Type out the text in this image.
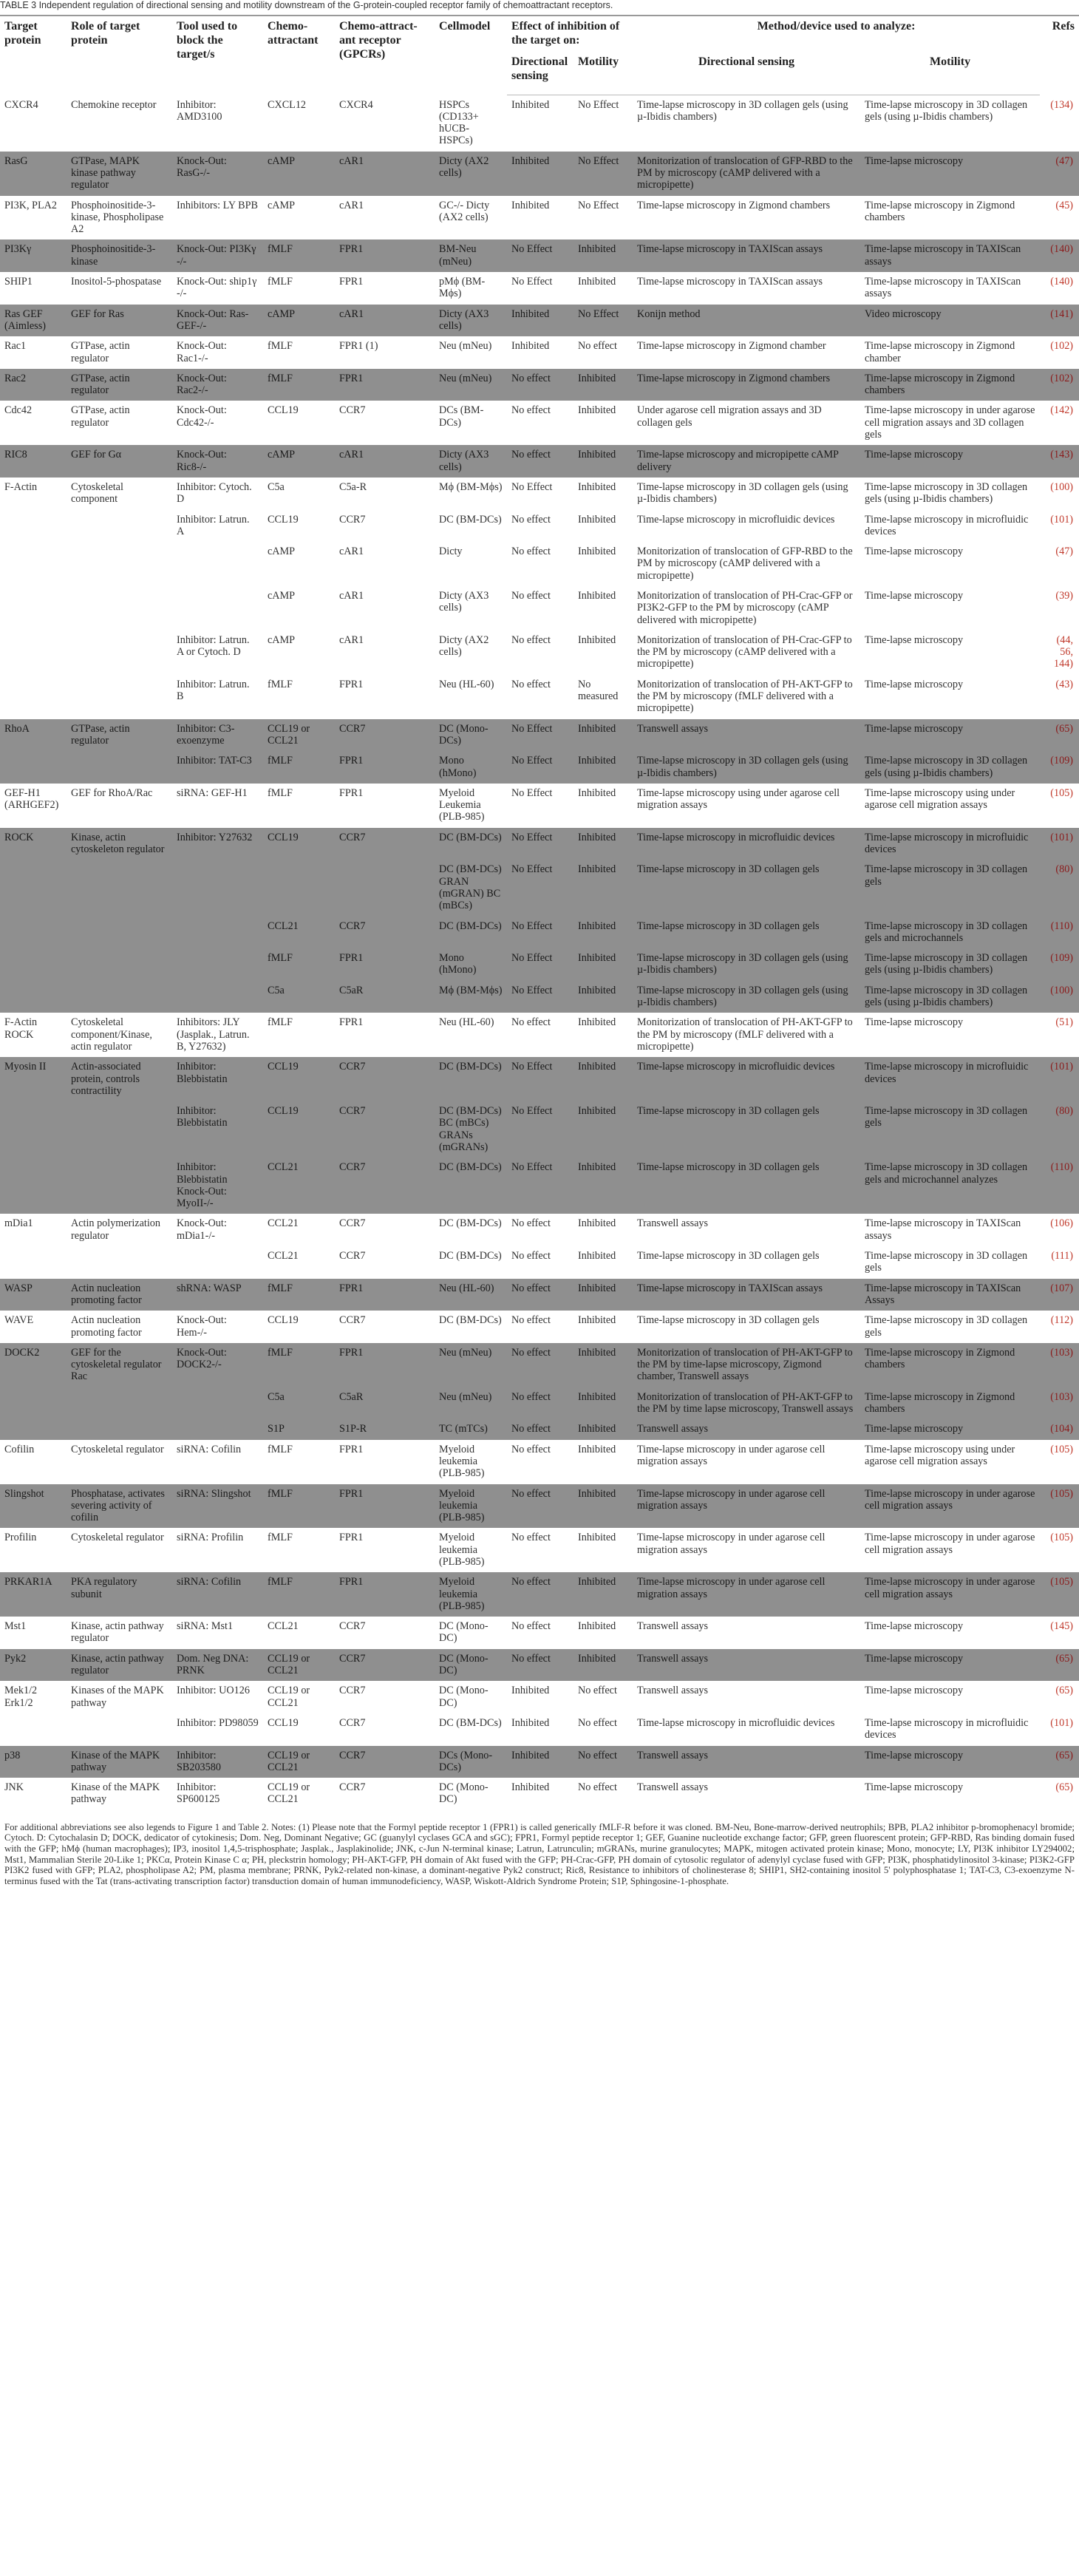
TABLE 3 Independent regulation of directional sensing and motility downstream of the G-protein-coupled receptor family of chemoattractant receptors.
Target protein	Role of target protein	Tool used to block the target/s	Chemo-attractant	Chemo-attract-ant receptor (GPCRs)	Cellmodel	Effect of inhibition of the target on:		Method/device used to analyze:		Refs
						Directional sensing	Motility	Directional sensing	Motility	
CXCR4	Chemokine receptor	Inhibitor: AMD3100	CXCL12	CXCR4	HSPCs (CD133+ hUCB-HSPCs)	Inhibited	No Effect	Time-lapse microscopy in 3D collagen gels (using µ-Ibidis chambers)	Time-lapse microscopy in 3D collagen gels (using µ-Ibidis chambers)	(134)
RasG	GTPase, MAPK kinase pathway regulator	Knock-Out: RasG-/-	cAMP	cAR1	Dicty (AX2 cells)	Inhibited	No Effect	Monitorization of translocation of GFP-RBD to the PM by microscopy (cAMP delivered with a micropipette)	Time-lapse microscopy	(47)
PI3K, PLA2	Phosphoinositide-3-kinase, Phospholipase A2	Inhibitors: LY BPB	cAMP	cAR1	GC-/- Dicty (AX2 cells)	Inhibited	No Effect	Time-lapse microscopy in Zigmond chambers	Time-lapse microscopy in Zigmond chambers	(45)
PI3Kγ	Phosphoinositide-3-kinase	Knock-Out: PI3Kγ -/-	fMLF	FPR1	BM-Neu (mNeu)	No Effect	Inhibited	Time-lapse microscopy in TAXIScan assays	Time-lapse microscopy in TAXIScan assays	(140)
SHIP1	Inositol-5-phospatase	Knock-Out: ship1γ -/-	fMLF	FPR1	pMϕ (BM-Mϕs)	No Effect	Inhibited	Time-lapse microscopy in TAXIScan assays	Time-lapse microscopy in TAXIScan assays	(140)
Ras GEF (Aimless)	GEF for Ras	Knock-Out: Ras-GEF-/-	cAMP	cAR1	Dicty (AX3 cells)	Inhibited	No Effect	Konijn method	Video microscopy	(141)
Rac1	GTPase, actin regulator	Knock-Out: Rac1-/-	fMLF	FPR1 (1)	Neu (mNeu)	Inhibited	No effect	Time-lapse microscopy in Zigmond chamber	Time-lapse microscopy in Zigmond chamber	(102)
Rac2	GTPase, actin regulator	Knock-Out: Rac2-/-	fMLF	FPR1	Neu (mNeu)	No effect	Inhibited	Time-lapse microscopy in Zigmond chambers	Time-lapse microscopy in Zigmond chambers	(102)
Cdc42	GTPase, actin regulator	Knock-Out: Cdc42-/-	CCL19	CCR7	DCs (BM-DCs)	No effect	Inhibited	Under agarose cell migration assays and 3D collagen gels	Time-lapse microscopy in under agarose cell migration assays and 3D collagen gels	(142)
RIC8	GEF for Gα	Knock-Out: Ric8-/-	cAMP	cAR1	Dicty (AX3 cells)	No effect	Inhibited	Time-lapse microscopy and micropipette cAMP delivery	Time-lapse microscopy	(143)
F-Actin	Cytoskeletal component	Inhibitor: Cytoch. D	C5a	C5a-R	Mϕ (BM-Mϕs)	No Effect	Inhibited	Time-lapse microscopy in 3D collagen gels (using µ-Ibidis chambers)	Time-lapse microscopy in 3D collagen gels (using µ-Ibidis chambers)	(100)
		Inhibitor: Latrun. A	CCL19	CCR7	DC (BM-DCs)	No effect	Inhibited	Time-lapse microscopy in microfluidic devices	Time-lapse microscopy in microfluidic devices	(101)
			cAMP	cAR1	Dicty	No effect	Inhibited	Monitorization of translocation of GFP-RBD to the PM by microscopy (cAMP delivered with a micropipette)	Time-lapse microscopy	(47)
			cAMP	cAR1	Dicty (AX3 cells)	No effect	Inhibited	Monitorization of translocation of PH-Crac-GFP or PI3K2-GFP to the PM by microscopy (cAMP delivered with micropipette)	Time-lapse microscopy	(39)
		Inhibitor: Latrun. A or Cytoch. D	cAMP	cAR1	Dicty (AX2 cells)	No effect	Inhibited	Monitorization of translocation of PH-Crac-GFP to the PM by microscopy (cAMP delivered with a micropipette)	Time-lapse microscopy	(44, 56, 144)
		Inhibitor: Latrun. B	fMLF	FPR1	Neu (HL-60)	No effect	No measured	Monitorization of translocation of PH-AKT-GFP to the PM by microscopy (fMLF delivered with a micropipette)	Time-lapse microscopy	(43)
RhoA	GTPase, actin regulator	Inhibitor: C3-exoenzyme	CCL19 or CCL21	CCR7	DC (Mono-DCs)	No Effect	Inhibited	Transwell assays	Time-lapse microscopy	(65)
		Inhibitor: TAT-C3	fMLF	FPR1	Mono (hMono)	No Effect	Inhibited	Time-lapse microscopy in 3D collagen gels (using µ-Ibidis chambers)	Time-lapse microscopy in 3D collagen gels (using µ-Ibidis chambers)	(109)
GEF-H1 (ARHGEF2)	GEF for RhoA/Rac	siRNA: GEF-H1	fMLF	FPR1	Myeloid Leukemia (PLB-985)	No Effect	Inhibited	Time-lapse microscopy using under agarose cell migration assays	Time-lapse microscopy using under agarose cell migration assays	(105)
ROCK	Kinase, actin cytoskeleton regulator	Inhibitor: Y27632	CCL19	CCR7	DC (BM-DCs)	No Effect	Inhibited	Time-lapse microscopy in microfluidic devices	Time-lapse microscopy in microfluidic devices	(101)
					DC (BM-DCs) GRAN (mGRAN) BC (mBCs)	No Effect	Inhibited	Time-lapse microscopy in 3D collagen gels	Time-lapse microscopy in 3D collagen gels	(80)
			CCL21	CCR7	DC (BM-DCs)	No Effect	Inhibited	Time-lapse microscopy in 3D collagen gels	Time-lapse microscopy in 3D collagen gels and microchannels	(110)
			fMLF	FPR1	Mono (hMono)	No Effect	Inhibited	Time-lapse microscopy in 3D collagen gels (using µ-Ibidis chambers)	Time-lapse microscopy in 3D collagen gels (using µ-Ibidis chambers)	(109)
			C5a	C5aR	Mϕ (BM-Mϕs)	No Effect	Inhibited	Time-lapse microscopy in 3D collagen gels (using µ-Ibidis chambers)	Time-lapse microscopy in 3D collagen gels (using µ-Ibidis chambers)	(100)
F-Actin ROCK	Cytoskeletal component/Kinase, actin regulator	Inhibitors: JLY (Jasplak., Latrun. B, Y27632)	fMLF	FPR1	Neu (HL-60)	No effect	Inhibited	Monitorization of translocation of PH-AKT-GFP to the PM by microscopy (fMLF delivered with a micropipette)	Time-lapse microscopy	(51)
Myosin II	Actin-associated protein, controls contractility	Inhibitor: Blebbistatin	CCL19	CCR7	DC (BM-DCs)	No Effect	Inhibited	Time-lapse microscopy in microfluidic devices	Time-lapse microscopy in microfluidic devices	(101)
		Inhibitor: Blebbistatin	CCL19	CCR7	DC (BM-DCs) BC (mBCs) GRANs (mGRANs)	No Effect	Inhibited	Time-lapse microscopy in 3D collagen gels	Time-lapse microscopy in 3D collagen gels	(80)
		Inhibitor: Blebbistatin Knock-Out: MyoII-/-	CCL21	CCR7	DC (BM-DCs)	No Effect	Inhibited	Time-lapse microscopy in 3D collagen gels	Time-lapse microscopy in 3D collagen gels and microchannel analyzes	(110)
mDia1	Actin polymerization regulator	Knock-Out: mDia1-/-	CCL21	CCR7	DC (BM-DCs)	No effect	Inhibited	Transwell assays	Time-lapse microscopy in TAXIScan assays	(106)
			CCL21	CCR7	DC (BM-DCs)	No effect	Inhibited	Time-lapse microscopy in 3D collagen gels	Time-lapse microscopy in 3D collagen gels	(111)
WASP	Actin nucleation promoting factor	shRNA: WASP	fMLF	FPR1	Neu (HL-60)	No effect	Inhibited	Time-lapse microscopy in TAXIScan assays	Time-lapse microscopy in TAXIScan Assays	(107)
WAVE	Actin nucleation promoting factor	Knock-Out: Hem-/-	CCL19	CCR7	DC (BM-DCs)	No effect	Inhibited	Time-lapse microscopy in 3D collagen gels	Time-lapse microscopy in 3D collagen gels	(112)
DOCK2	GEF for the cytoskeletal regulator Rac	Knock-Out: DOCK2-/-	fMLF	FPR1	Neu (mNeu)	No effect	Inhibited	Monitorization of translocation of PH-AKT-GFP to the PM by time-lapse microscopy, Zigmond chamber, Transwell assays	Time-lapse microscopy in Zigmond chambers	(103)
			C5a	C5aR	Neu (mNeu)	No effect	Inhibited	Monitorization of translocation of PH-AKT-GFP to the PM by time lapse microscopy, Transwell assays	Time-lapse microscopy in Zigmond chambers	(103)
			S1P	S1P-R	TC (mTCs)	No effect	Inhibited	Transwell assays	Time-lapse microscopy	(104)
Cofilin	Cytoskeletal regulator	siRNA: Cofilin	fMLF	FPR1	Myeloid leukemia (PLB-985)	No effect	Inhibited	Time-lapse microscopy in under agarose cell migration assays	Time-lapse microscopy using under agarose cell migration assays	(105)
Slingshot	Phosphatase, activates severing activity of cofilin	siRNA: Slingshot	fMLF	FPR1	Myeloid leukemia (PLB-985)	No effect	Inhibited	Time-lapse microscopy in under agarose cell migration assays	Time-lapse microscopy in under agarose cell migration assays	(105)
Profilin	Cytoskeletal regulator	siRNA: Profilin	fMLF	FPR1	Myeloid leukemia (PLB-985)	No effect	Inhibited	Time-lapse microscopy in under agarose cell migration assays	Time-lapse microscopy in under agarose cell migration assays	(105)
PRKAR1A	PKA regulatory subunit	siRNA: Cofilin	fMLF	FPR1	Myeloid leukemia (PLB-985)	No effect	Inhibited	Time-lapse microscopy in under agarose cell migration assays	Time-lapse microscopy in under agarose cell migration assays	(105)
Mst1	Kinase, actin pathway regulator	siRNA: Mst1	CCL21	CCR7	DC (Mono-DC)	No effect	Inhibited	Transwell assays	Time-lapse microscopy	(145)
Pyk2	Kinase, actin pathway regulator	Dom. Neg DNA: PRNK	CCL19 or CCL21	CCR7	DC (Mono-DC)	No effect	Inhibited	Transwell assays	Time-lapse microscopy	(65)
Mek1/2 Erk1/2	Kinases of the MAPK pathway	Inhibitor: UO126	CCL19 or CCL21	CCR7	DC (Mono-DC)	Inhibited	No effect	Transwell assays	Time-lapse microscopy	(65)
		Inhibitor: PD98059	CCL19	CCR7	DC (BM-DCs)	Inhibited	No effect	Time-lapse microscopy in microfluidic devices	Time-lapse microscopy in microfluidic devices	(101)
p38	Kinase of the MAPK pathway	Inhibitor: SB203580	CCL19 or CCL21	CCR7	DCs (Mono-DCs)	Inhibited	No effect	Transwell assays	Time-lapse microscopy	(65)
JNK	Kinase of the MAPK pathway	Inhibitor: SP600125	CCL19 or CCL21	CCR7	DC (Mono-DC)	Inhibited	No effect	Transwell assays	Time-lapse microscopy	(65)
For additional abbreviations see also legends to Figure 1 and Table 2. Notes: (1) Please note that the Formyl peptide receptor 1 (FPR1) is called generically fMLF-R before it was cloned. BM-Neu, Bone-marrow-derived neutrophils; BPB, PLA2 inhibitor p-bromophenacyl bromide; Cytoch. D: Cytochalasin D; DOCK, dedicator of cytokinesis; Dom. Neg, Dominant Negative; GC (guanylyl cyclases GCA and sGC); FPR1, Formyl peptide receptor 1; GEF, Guanine nucleotide exchange factor; GFP, green fluorescent protein; GFP-RBD, Ras binding domain fused with the GFP; hMϕ (human macrophages); IP3, inositol 1,4,5-trisphosphate; Jasplak., Jasplakinolide; JNK, c-Jun N-terminal kinase; Latrun, Latrunculin; mGRANs, murine granulocytes; MAPK, mitogen activated protein kinase; Mono, monocyte; LY, PI3K inhibitor LY294002; Mst1, Mammalian Sterile 20-Like 1; PKCα, Protein Kinase C α; PH, pleckstrin homology; PH-AKT-GFP, PH domain of Akt fused with the GFP; PH-Crac-GFP, PH domain of cytosolic regulator of adenylyl cyclase fused with GFP; PI3K, phosphatidylinositol 3-kinase; PI3K2-GFP PI3K2 fused with GFP; PLA2, phospholipase A2; PM, plasma membrane; PRNK, Pyk2-related non-kinase, a dominant-negative Pyk2 construct; Ric8, Resistance to inhibitors of cholinesterase 8; SHIP1, SH2-containing inositol 5' polyphosphatase 1; TAT-C3, C3-exoenzyme N-terminus fused with the Tat (trans-activating transcription factor) transduction domain of human immunodeficiency, WASP, Wiskott-Aldrich Syndrome Protein; S1P, Sphingosine-1-phosphate.
